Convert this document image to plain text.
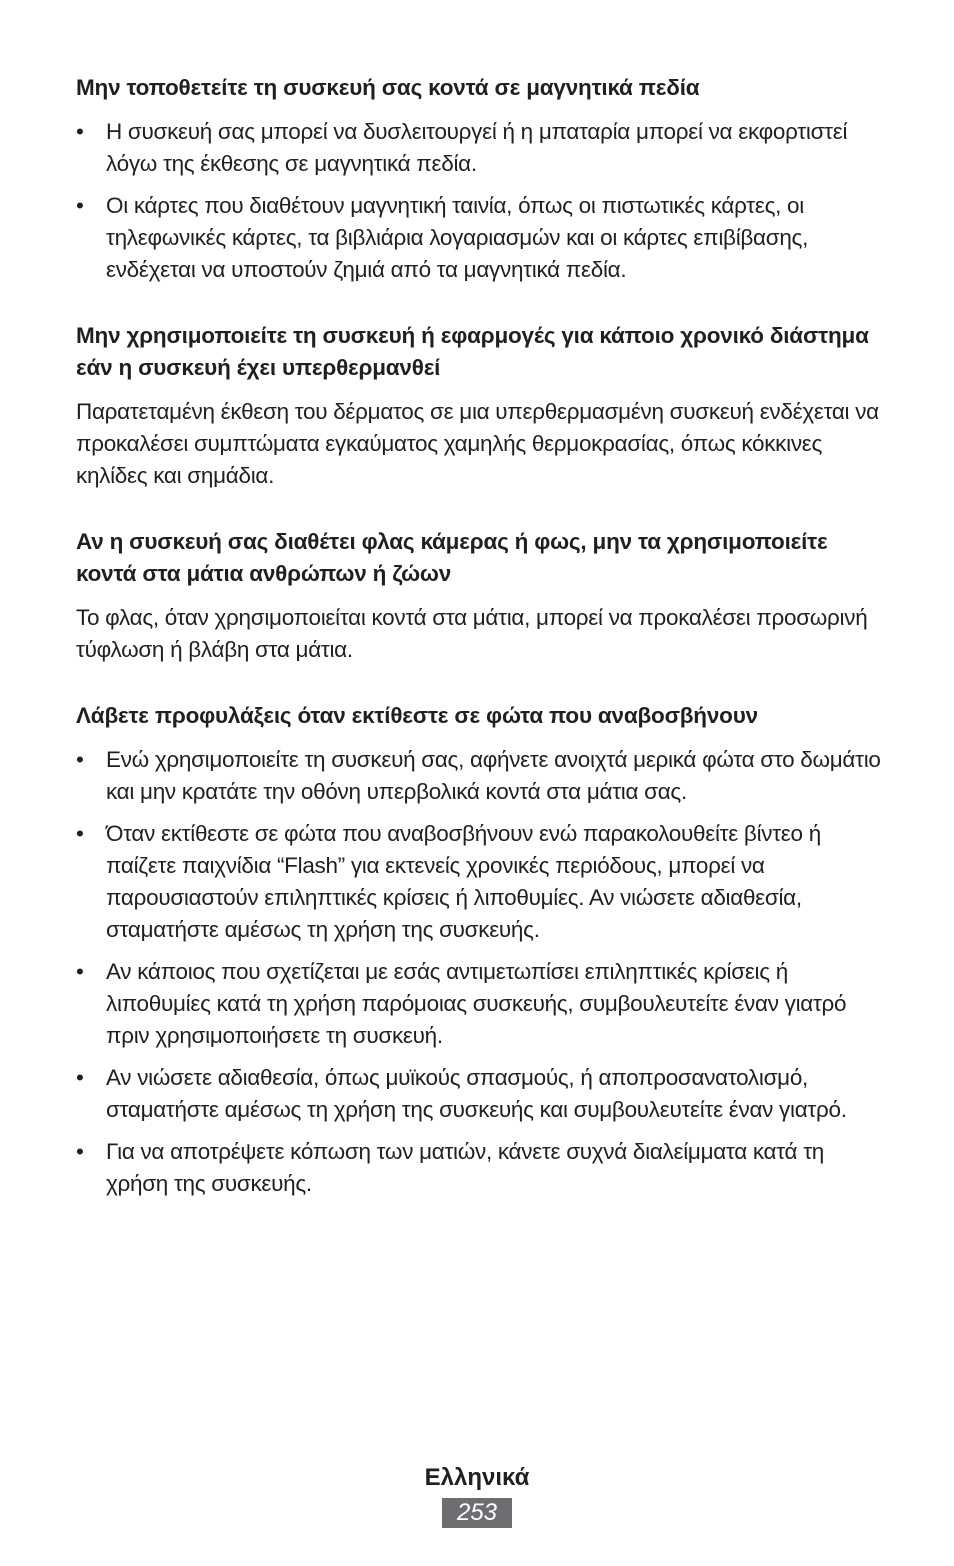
Μην τοποθετείτε τη συσκευή σας κοντά σε μαγνητικά πεδία

• Η συσκευή σας μπορεί να δυσλειτουργεί ή η μπαταρία μπορεί να εκφορτιστεί λόγω της έκθεσης σε μαγνητικά πεδία.
• Οι κάρτες που διαθέτουν μαγνητική ταινία, όπως οι πιστωτικές κάρτες, οι τηλεφωνικές κάρτες, τα βιβλιάρια λογαριασμών και οι κάρτες επιβίβασης, ενδέχεται να υποστούν ζημιά από τα μαγνητικά πεδία.

Μην χρησιμοποιείτε τη συσκευή ή εφαρμογές για κάποιο χρονικό διάστημα εάν η συσκευή έχει υπερθερμανθεί

Παρατεταμένη έκθεση του δέρματος σε μια υπερθερμασμένη συσκευή ενδέχεται να προκαλέσει συμπτώματα εγκαύματος χαμηλής θερμοκρασίας, όπως κόκκινες κηλίδες και σημάδια.

Αν η συσκευή σας διαθέτει φλας κάμερας ή φως, μην τα χρησιμοποιείτε κοντά στα μάτια ανθρώπων ή ζώων

Το φλας, όταν χρησιμοποιείται κοντά στα μάτια, μπορεί να προκαλέσει προσωρινή τύφλωση ή βλάβη στα μάτια.

Λάβετε προφυλάξεις όταν εκτίθεστε σε φώτα που αναβοσβήνουν

• Ενώ χρησιμοποιείτε τη συσκευή σας, αφήνετε ανοιχτά μερικά φώτα στο δωμάτιο και μην κρατάτε την οθόνη υπερβολικά κοντά στα μάτια σας.
• Όταν εκτίθεστε σε φώτα που αναβοσβήνουν ενώ παρακολουθείτε βίντεο ή παίζετε παιχνίδια “Flash” για εκτενείς χρονικές περιόδους, μπορεί να παρουσιαστούν επιληπτικές κρίσεις ή λιποθυμίες. Αν νιώσετε αδιαθεσία, σταματήστε αμέσως τη χρήση της συσκευής.
• Αν κάποιος που σχετίζεται με εσάς αντιμετωπίσει επιληπτικές κρίσεις ή λιποθυμίες κατά τη χρήση παρόμοιας συσκευής, συμβουλευτείτε έναν γιατρό πριν χρησιμοποιήσετε τη συσκευή.
• Αν νιώσετε αδιαθεσία, όπως μυϊκούς σπασμούς, ή αποπροσανατολισμό, σταματήστε αμέσως τη χρήση της συσκευής και συμβουλευτείτε έναν γιατρό.
• Για να αποτρέψετε κόπωση των ματιών, κάνετε συχνά διαλείμματα κατά τη χρήση της συσκευής.
Ελληνικά
253
